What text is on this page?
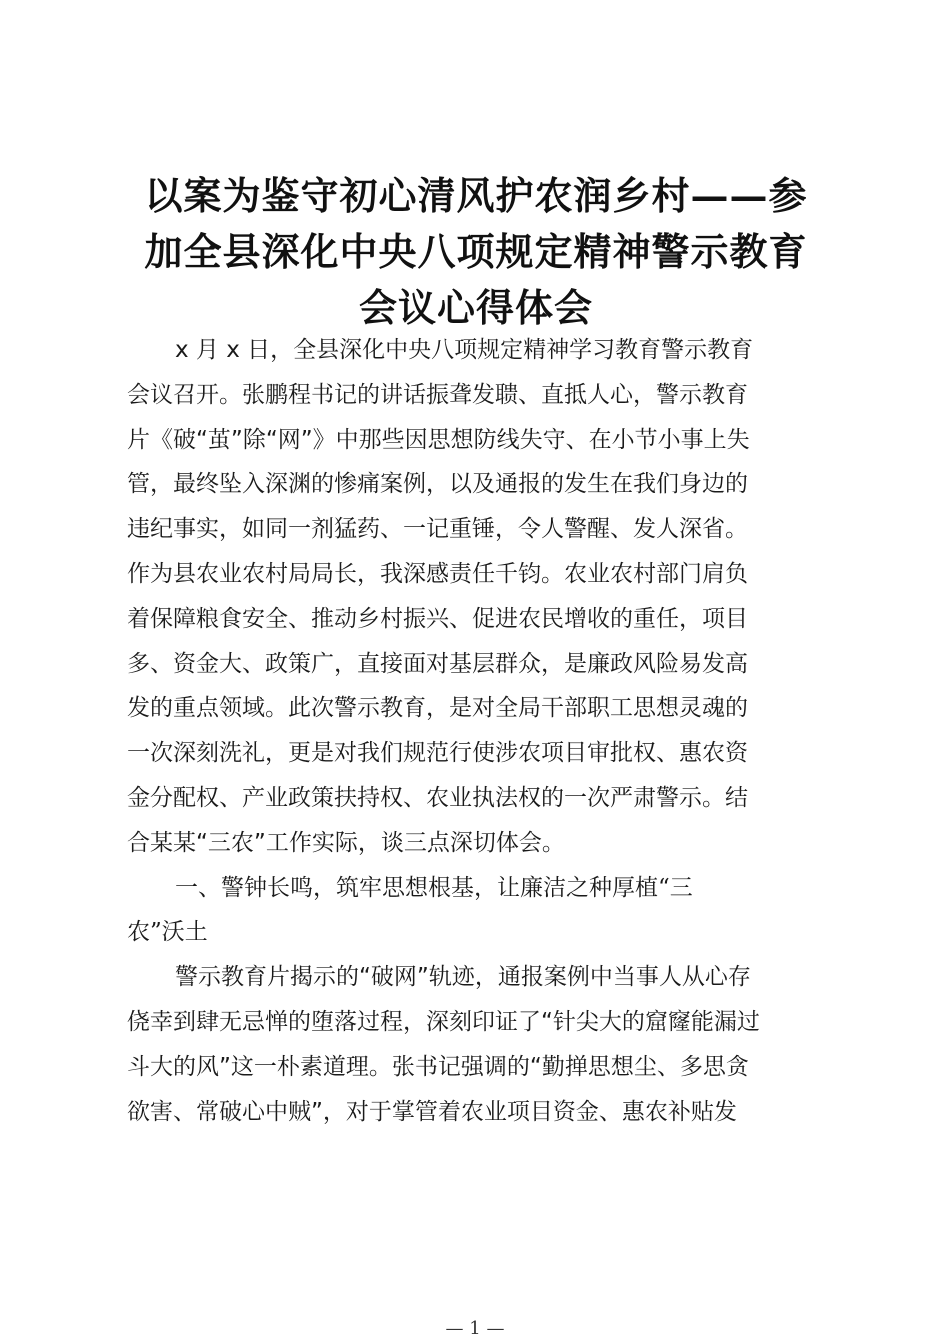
以案为鉴守初心清风护农润乡村——参
加全县深化中央八项规定精神警示教育
会议心得体会
x 月 x 日，全县深化中央八项规定精神学习教育警示教育
会议召开。张鹏程书记的讲话振聋发聩、直抵人心，警示教育
片《破“茧”除“网”》中那些因思想防线失守、在小节小事上失
管，最终坠入深渊的惨痛案例，以及通报的发生在我们身边的
违纪事实，如同一剂猛药、一记重锤，令人警醒、发人深省。
作为县农业农村局局长，我深感责任千钧。农业农村部门肩负
着保障粮食安全、推动乡村振兴、促进农民增收的重任，项目
多、资金大、政策广，直接面对基层群众，是廉政风险易发高
发的重点领域。此次警示教育，是对全局干部职工思想灵魂的
一次深刻洗礼，更是对我们规范行使涉农项目审批权、惠农资
金分配权、产业政策扶持权、农业执法权的一次严肃警示。结
合某某“三农”工作实际，谈三点深切体会。
一、警钟长鸣，筑牢思想根基，让廉洁之种厚植“三
农”沃土
警示教育片揭示的“破网”轨迹，通报案例中当事人从心存
侥幸到肆无忌惮的堕落过程，深刻印证了“针尖大的窟窿能漏过
斗大的风”这一朴素道理。张书记强调的“勤掸思想尘、多思贪
欲害、常破心中贼”，对于掌管着农业项目资金、惠农补贴发
— 1 —
